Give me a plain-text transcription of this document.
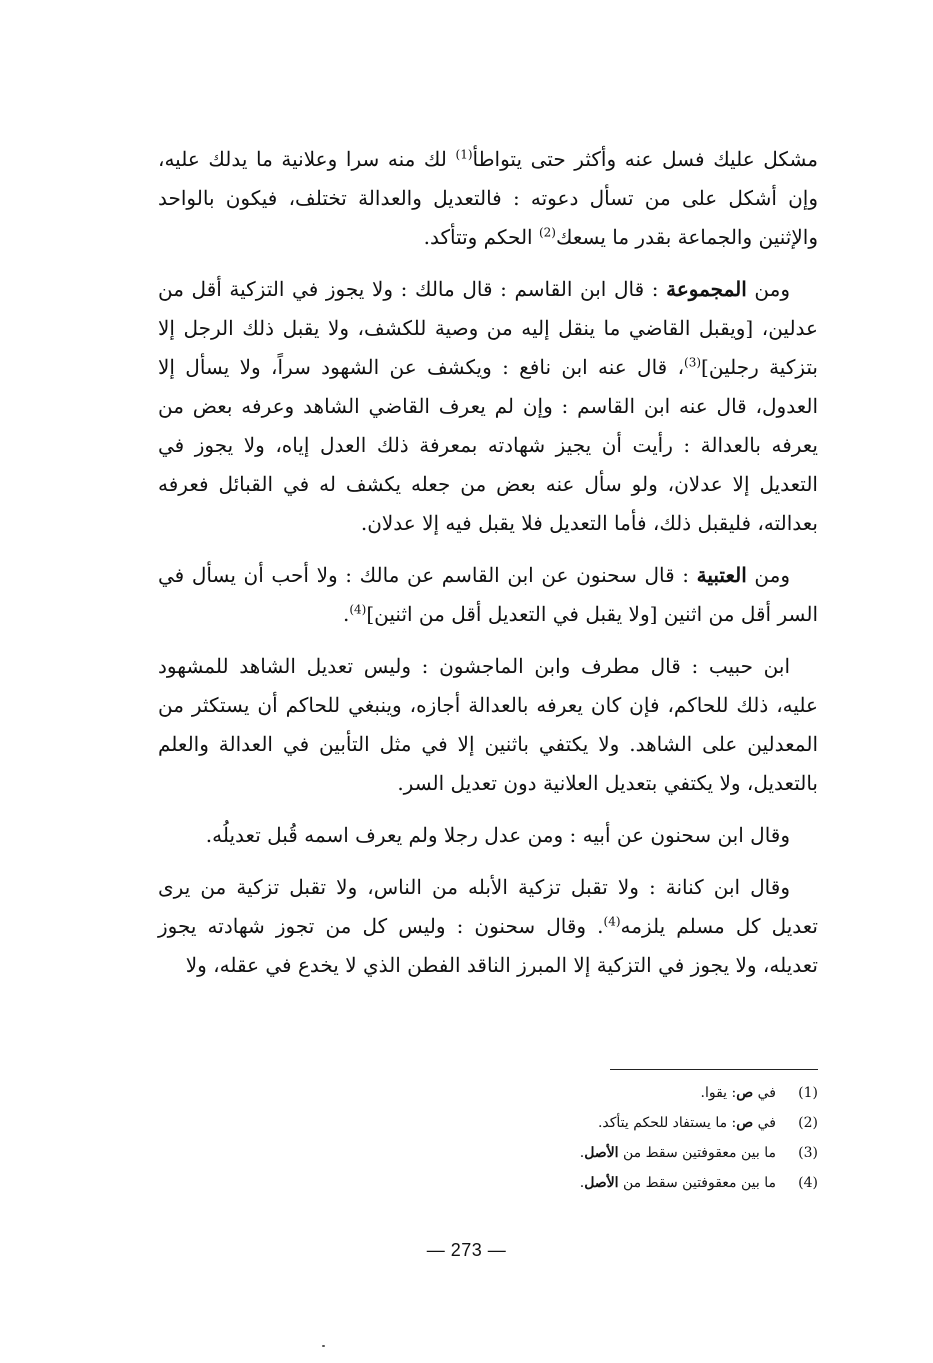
مشكل عليك فسل عنه وأكثر حتى يتواطأ$^{(1)}$ لك منه سرا وعلانية ما يدلك عليه، وإن أشكل على من تسأل دعوته : فالتعديل والعدالة تختلف، فيكون بالواحد والإثنين والجماعة بقدر ما يسعك$^{(2)}$ الحكم وتتأكد.

ومن المجموعة : قال ابن القاسم : قال مالك : ولا يجوز في التزكية أقل من عدلين، [ويقبل القاضي ما ينقل إليه من وصية للكشف، ولا يقبل ذلك الرجل إلا بتزكية رجلين]$^{(3)}$، قال عنه ابن نافع : ويكشف عن الشهود سراً، ولا يسأل إلا العدول، قال عنه ابن القاسم : وإن لم يعرف القاضي الشاهد وعرفه بعض من يعرفه بالعدالة : رأيت أن يجيز شهادته بمعرفة ذلك العدل إياه، ولا يجوز في التعديل إلا عدلان، ولو سأل عنه بعض من جعله يكشف له في القبائل فعرفه بعدالته، فليقبل ذلك، فأما التعديل فلا يقبل فيه إلا عدلان.

ومن العتبية : قال سحنون عن ابن القاسم عن مالك : ولا أحب أن يسأل في السر أقل من اثنين [ولا يقبل في التعديل أقل من اثنين]$^{(4)}$.

ابن حبيب : قال مطرف وابن الماجشون : وليس تعديل الشاهد للمشهود عليه، ذلك للحاكم، فإن كان يعرفه بالعدالة أجازه، وينبغي للحاكم أن يستكثر من المعدلين على الشاهد. ولا يكتفي باثنين إلا في مثل التأبين في العدالة والعلم بالتعديل، ولا يكتفي بتعديل العلانية دون تعديل السر.

وقال ابن سحنون عن أبيه : ومن عدل رجلا ولم يعرف اسمه قُبل تعديلُه.

وقال ابن كنانة : ولا تقبل تزكية الأبله من الناس، ولا تقبل تزكية من يرى تعديل كل مسلم يلزمه$^{(4)}$. وقال سحنون : وليس كل من تجوز شهادته يجوز تعديله، ولا يجوز في التزكية إلا المبرز الناقد الفطن الذي لا يخدع في عقله، ولا

(1)في ص: يقوا.
(2)في ص: ما يستفاد للحكم يتأكد.
(3)ما بين معقوفتين سقط من الأصل.
(4)ما بين معقوفتين سقط من الأصل.
— 273 —
